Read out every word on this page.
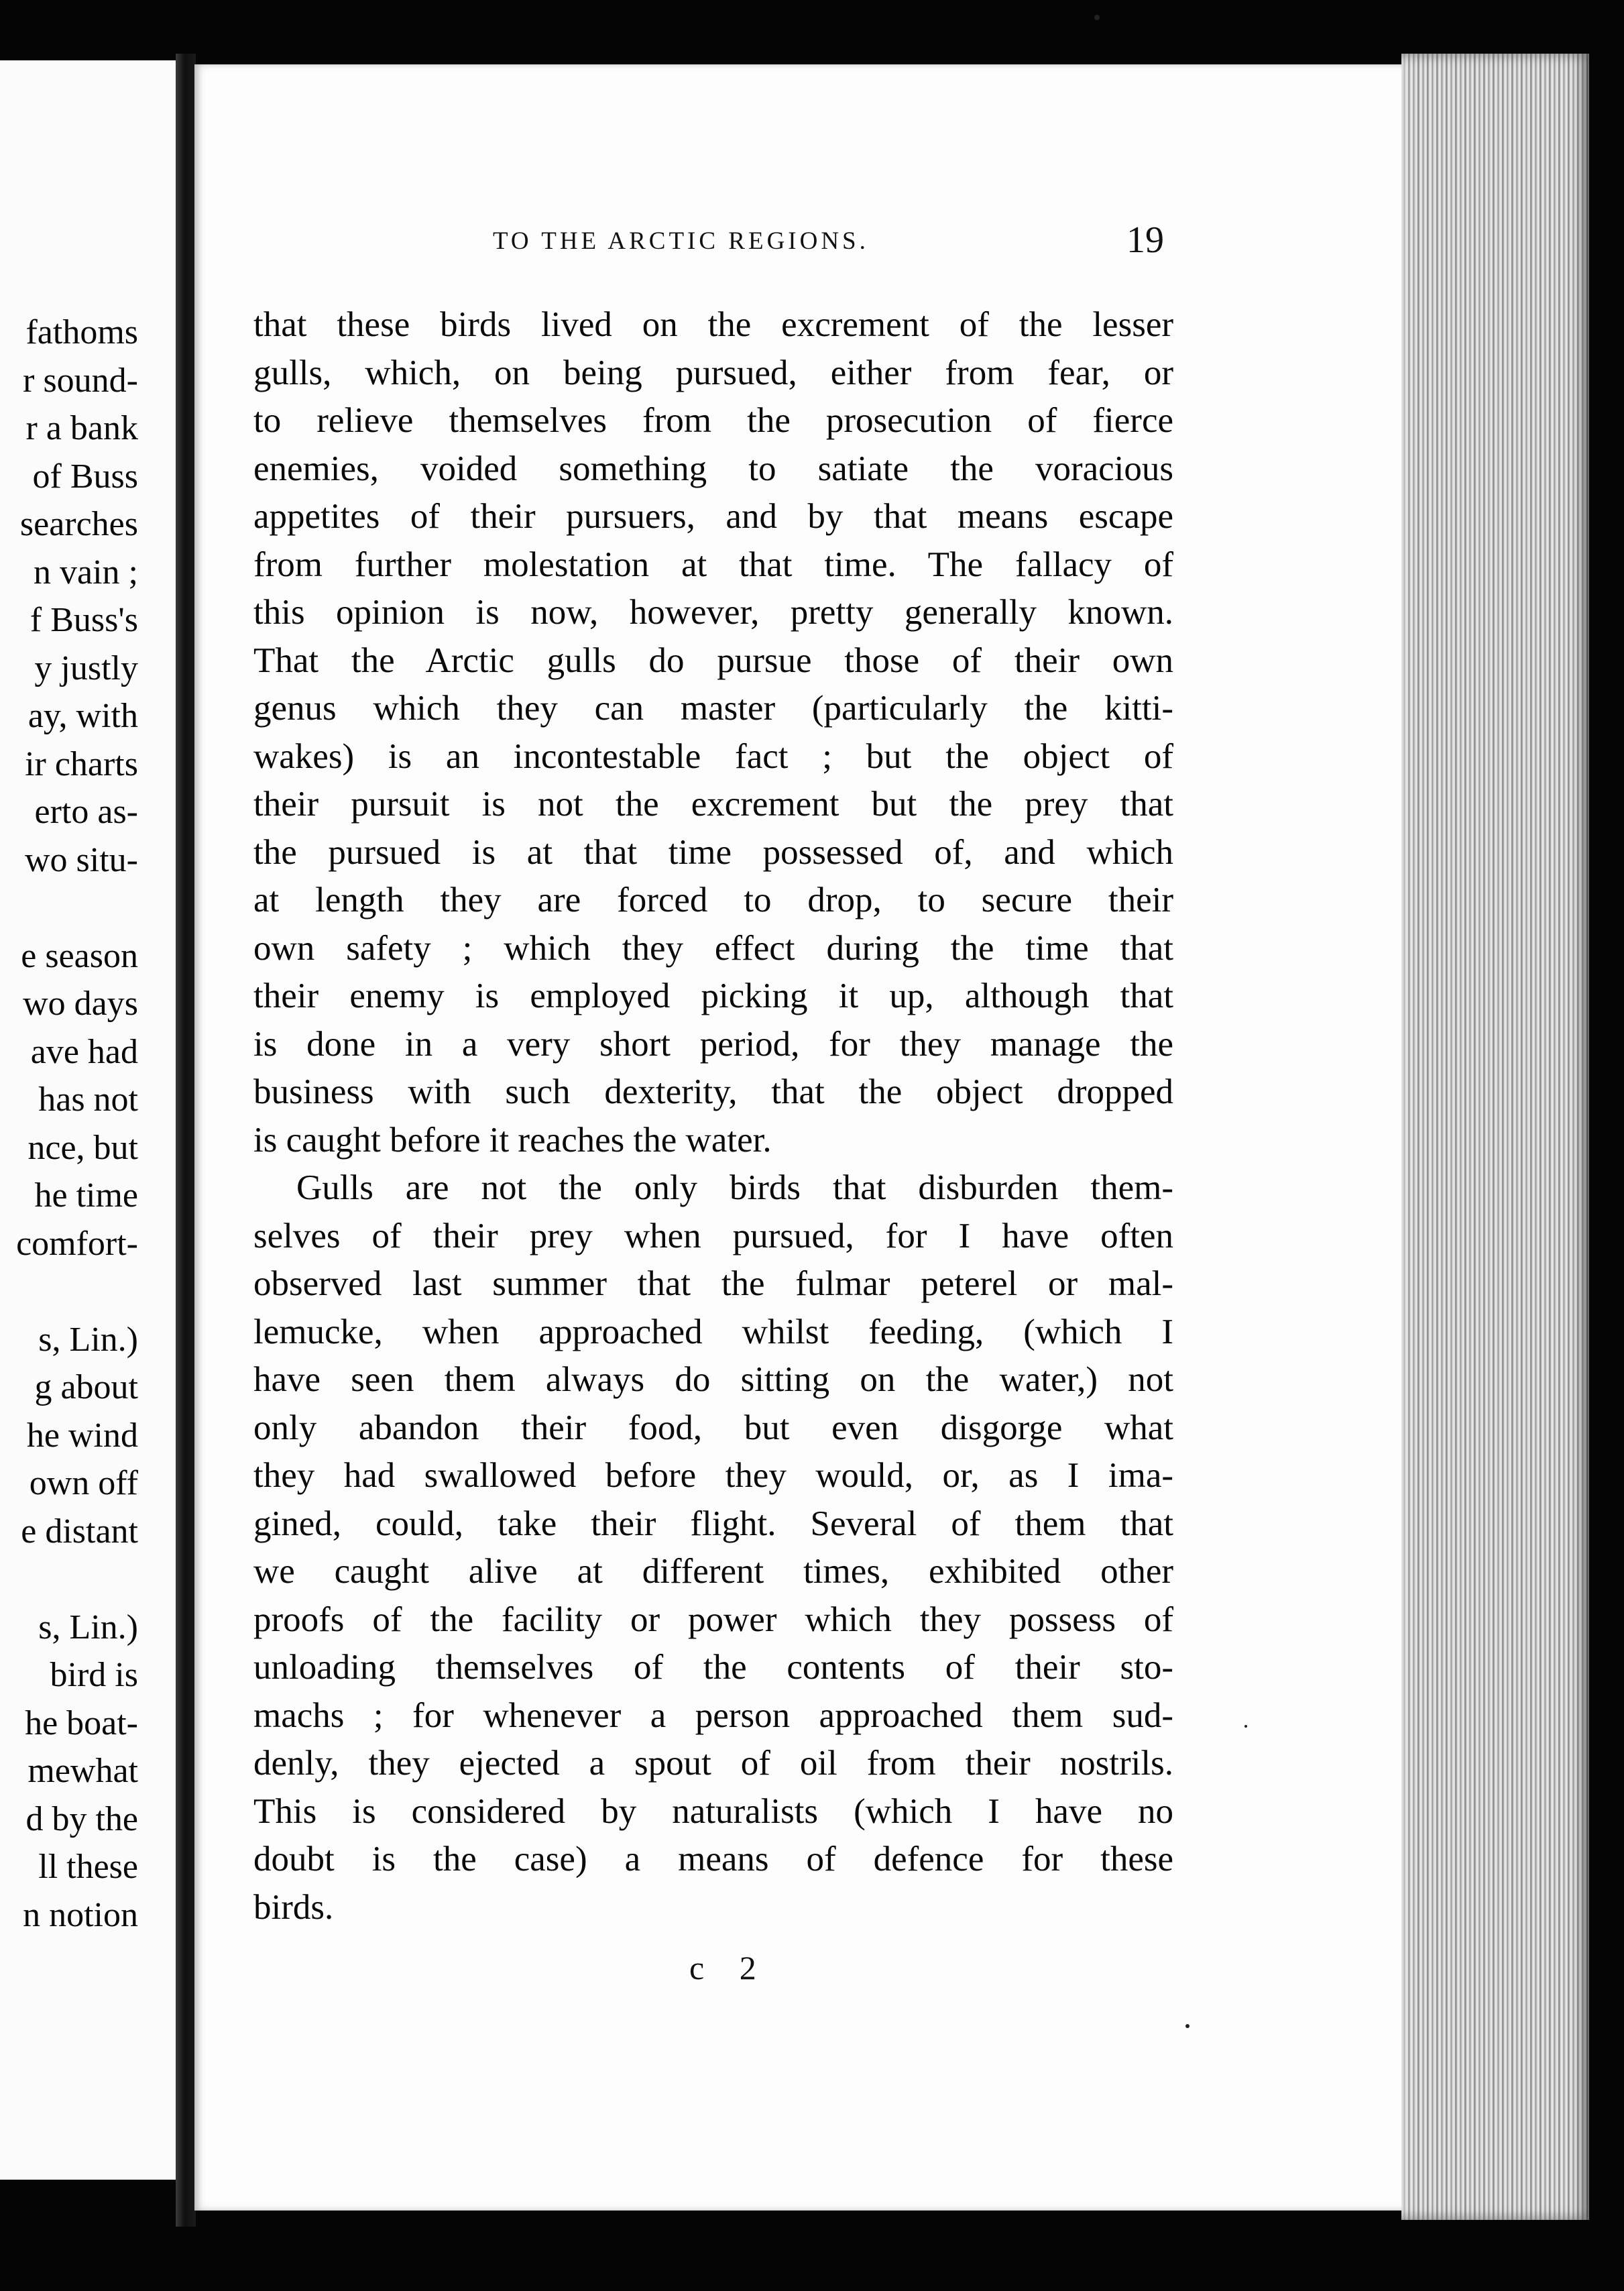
fathoms
r sound-
r a bank
of Buss
searches
n vain ;
f Buss's
y justly
ay, with
ir charts
erto as-
wo situ-
e season
wo days
ave had
has not
nce, but
he time
comfort-
s, Lin.)
g about
he wind
own off
e distant
s, Lin.)
bird is
he boat-
mewhat
d by the
ll these
n notion
TO THE ARCTIC REGIONS.	19
that these birds lived on the excrement of the lesser
gulls, which, on being pursued, either from fear, or
to relieve themselves from the prosecution of fierce
enemies, voided something to satiate the voracious
appetites of their pursuers, and by that means escape
from further molestation at that time. The fallacy of
this opinion is now, however, pretty generally known.
That the Arctic gulls do pursue those of their own
genus which they can master (particularly the kitti-
wakes) is an incontestable fact ; but the object of
their pursuit is not the excrement but the prey that
the pursued is at that time possessed of, and which
at length they are forced to drop, to secure their
own safety ; which they effect during the time that
their enemy is employed picking it up, although that
is done in a very short period, for they manage the
business with such dexterity, that the object dropped
is caught before it reaches the water.
Gulls are not the only birds that disburden them-
selves of their prey when pursued, for I have often
observed last summer that the fulmar peterel or mal-
lemucke, when approached whilst feeding, (which I
have seen them always do sitting on the water,) not
only abandon their food, but even disgorge what
they had swallowed before they would, or, as I ima-
gined, could, take their flight. Several of them that
we caught alive at different times, exhibited other
proofs of the facility or power which they possess of
unloading themselves of the contents of their sto-
machs ; for whenever a person approached them sud-
denly, they ejected a spout of oil from their nostrils.
This is considered by naturalists (which I have no
doubt is the case) a means of defence for these
birds.
c 2
